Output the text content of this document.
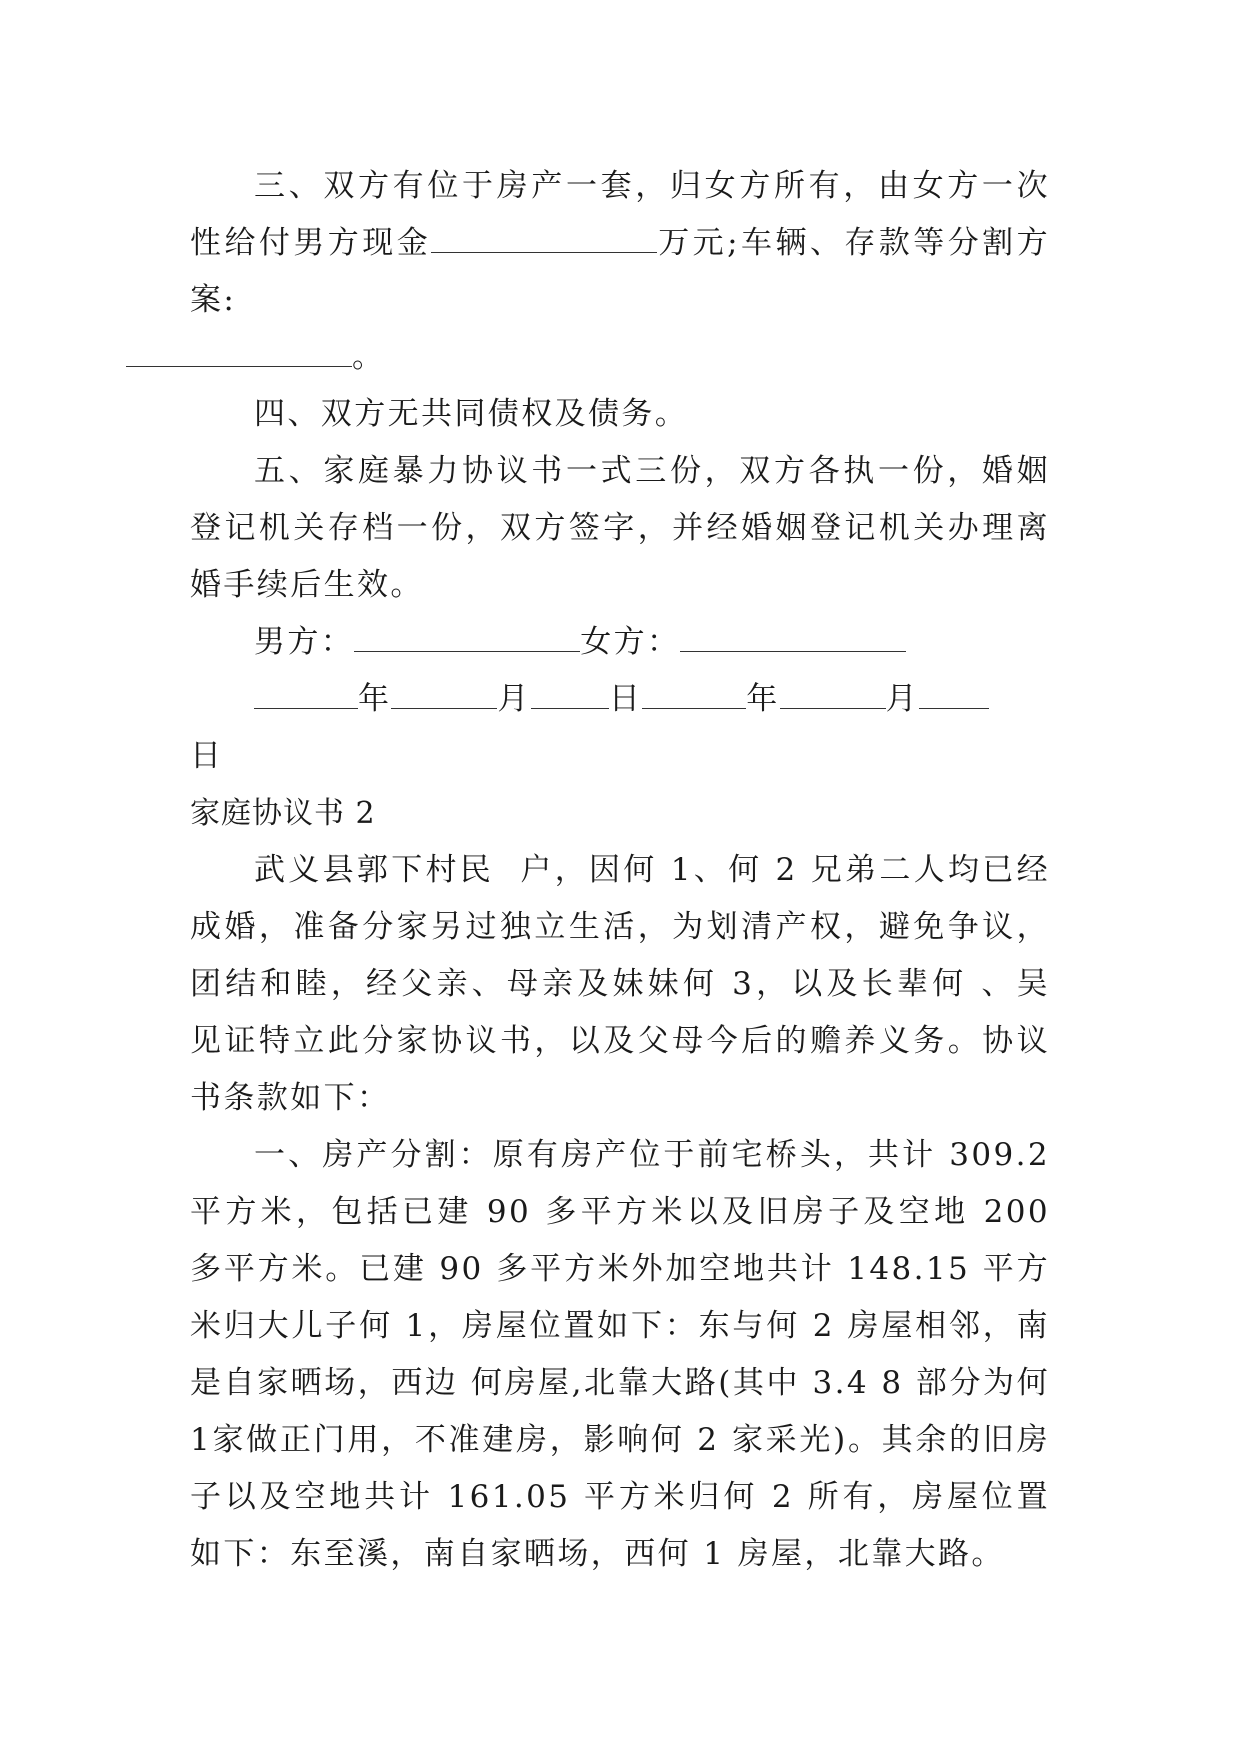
三、双方有位于房产一套，归女方所有，由女方一次性给付男方现金	万元;车辆、存款等分割方案:
。

四、双方无共同债权及债务。

五、家庭暴力协议书一式三份，双方各执一份，婚姻登记机关存档一份，双方签字，并经婚姻登记机关办理离婚手续后生效。

男方：	女方：

年	月	日	年	月
日

家庭协议书 2

武义县郭下村民  户，因何 1、何 2 兄弟二人均已经成婚，准备分家另过独立生活，为划清产权，避免争议，团结和睦，经父亲、母亲及妹妹何 3，以及长辈何 、吴 见证特立此分家协议书，以及父母今后的赡养义务。协议书条款如下：

一、房产分割：原有房产位于前宅桥头，共计 309.2 平方米，包括已建 90 多平方米以及旧房子及空地 200 多平方米。已建 90 多平方米外加空地共计 148.15 平方米归大儿子何 1，房屋位置如下：东与何 2 房屋相邻，南是自家晒场，西边 何房屋,北靠大路(其中 3.4 8 部分为何 1家做正门用，不准建房，影响何 2 家采光)。其余的旧房子以及空地共计 161.05 平方米归何 2 所有，房屋位置如下：东至溪，南自家晒场，西何 1 房屋，北靠大路。
